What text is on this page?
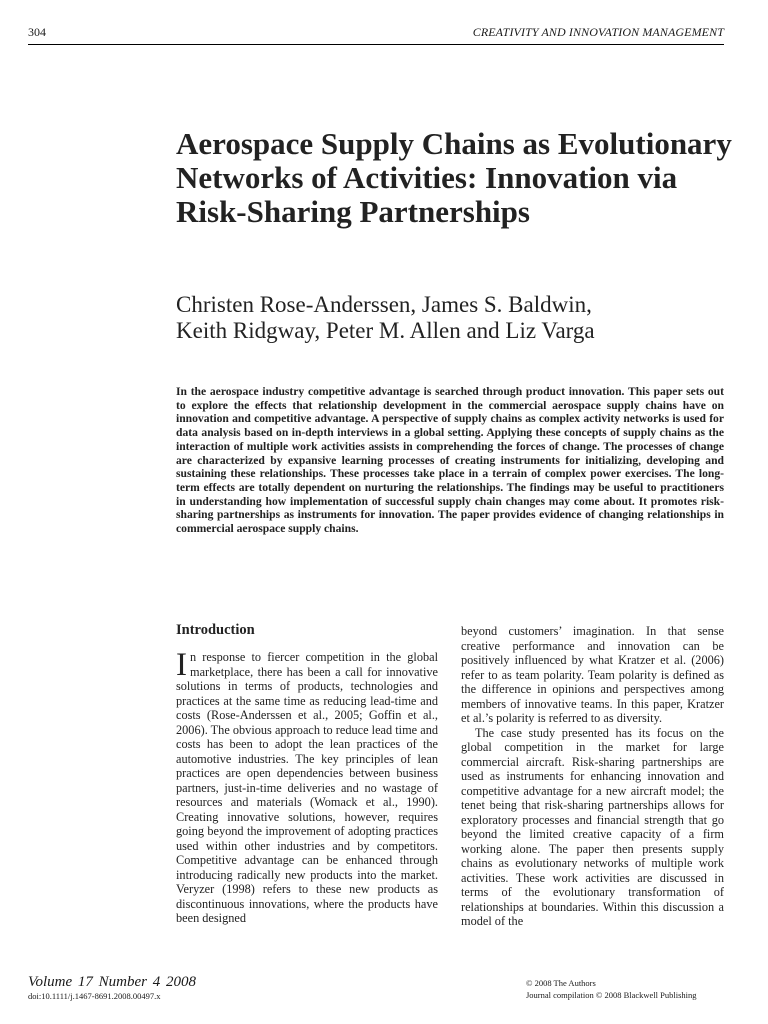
304	CREATIVITY AND INNOVATION MANAGEMENT
Aerospace Supply Chains as Evolutionary Networks of Activities: Innovation via Risk-Sharing Partnerships
Christen Rose-Anderssen, James S. Baldwin,
Keith Ridgway, Peter M. Allen and Liz Varga

In the aerospace industry competitive advantage is searched through product innovation. This paper sets out to explore the effects that relationship development in the commercial aerospace supply chains have on innovation and competitive advantage. A perspective of supply chains as complex activity networks is used for data analysis based on in-depth interviews in a global setting. Applying these concepts of supply chains as the interaction of multiple work activities assists in comprehending the forces of change. The processes of change are characterized by expansive learning processes of creating instruments for initializing, developing and sustaining these relationships. These processes take place in a terrain of complex power exercises. The long-term effects are totally dependent on nurturing the relationships. The findings may be useful to practitioners in understanding how implementation of successful supply chain changes may come about. It promotes risk-sharing partnerships as instruments for innovation. The paper provides evidence of changing relationships in commercial aerospace supply chains.

Introduction

In response to fiercer competition in the global marketplace, there has been a call for innovative solutions in terms of products, technologies and practices at the same time as reducing lead-time and costs (Rose-Anderssen et al., 2005; Goffin et al., 2006). The obvious approach to reduce lead time and costs has been to adopt the lean practices of the automotive industries. The key principles of lean practices are open dependencies between business partners, just-in-time deliveries and no wastage of resources and materials (Womack et al., 1990). Creating innovative solutions, however, requires going beyond the improvement of adopting practices used within other industries and by competitors. Competitive advantage can be enhanced through introducing radically new products into the market. Veryzer (1998) refers to these new products as discontinuous innovations, where the products have been designed

beyond customers’ imagination. In that sense creative performance and innovation can be positively influenced by what Kratzer et al. (2006) refer to as team polarity. Team polarity is defined as the difference in opinions and perspectives among members of innovative teams. In this paper, Kratzer et al.’s polarity is referred to as diversity.

The case study presented has its focus on the global competition in the market for large commercial aircraft. Risk-sharing partnerships are used as instruments for enhancing innovation and competitive advantage for a new aircraft model; the tenet being that risk-sharing partnerships allows for exploratory processes and financial strength that go beyond the limited creative capacity of a firm working alone. The paper then presents supply chains as evolutionary networks of multiple work activities. These work activities are discussed in terms of the evolutionary transformation of relationships at boundaries. Within this discussion a model of the

Volume 17 Number 4 2008
doi:10.1111/j.1467-8691.2008.00497.x
© 2008 The Authors
Journal compilation © 2008 Blackwell Publishing
